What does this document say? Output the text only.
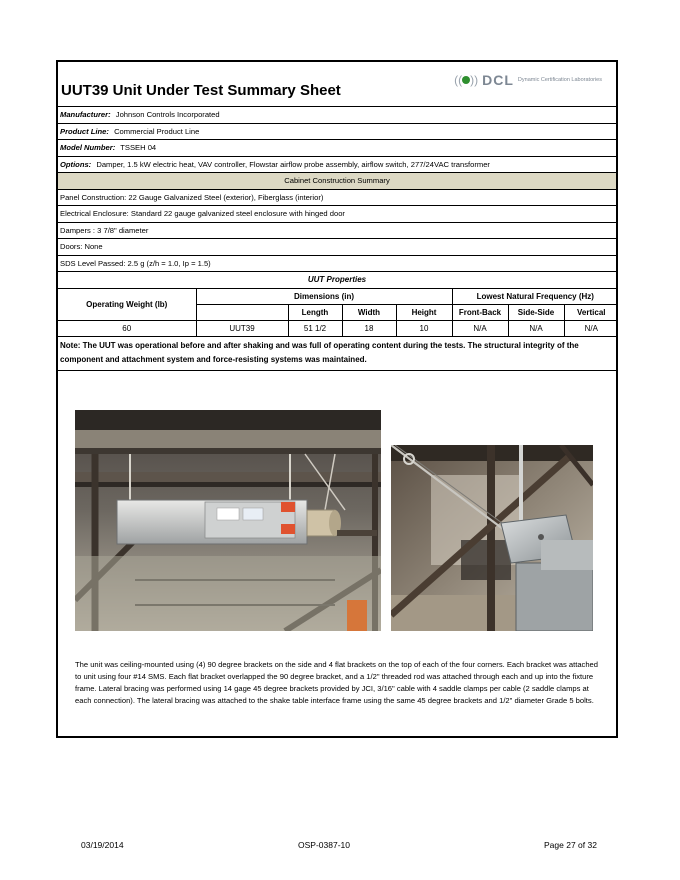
UUT39 Unit Under Test Summary Sheet
(( )) DCL Dynamic Certification Laboratories
Manufacturer: Johnson Controls Incorporated
Product Line: Commercial Product Line
Model Number: TSSEH 04
Options: Damper, 1.5 kW electric heat, VAV controller, Flowstar airflow probe assembly, airflow switch, 277/24VAC transformer
Cabinet Construction Summary
Panel Construction: 22 Gauge Galvanized Steel (exterior), Fiberglass (interior)
Electrical Enclosure: Standard 22 gauge galvanized steel enclosure with hinged door
Dampers : 3 7/8" diameter
Doors: None
SDS Level Passed: 2.5 g (z/h = 1.0, Ip = 1.5)
UUT Properties
Operating Weight (lb)	Dimensions (in)				Lowest Natural Frequency (Hz)		
		Length	Width	Height	Front-Back	Side-Side	Vertical
60	UUT39	51 1/2	18	10	N/A	N/A	N/A
Note: The UUT was operational before and after shaking and was full of operating content during the tests. The structural integrity of the component and attachment system and force-resisting systems was maintained.
The unit was ceiling-mounted using (4) 90 degree brackets on the side and 4 flat brackets on the top of each of the four corners. Each bracket was attached to unit using four #14 SMS. Each flat bracket overlapped the 90 degree bracket, and a 1/2" threaded rod was attached through each and up into the fixture frame. Lateral bracing was performed using 14 gage 45 degree brackets provided by JCI, 3/16" cable with 4 saddle clamps per cable (2 saddle clamps at each connection). The lateral bracing was attached to the shake table interface frame using the same 45 degree brackets and 1/2" diameter Grade 5 bolts.
03/19/2014	OSP-0387-10	Page 27 of 32
